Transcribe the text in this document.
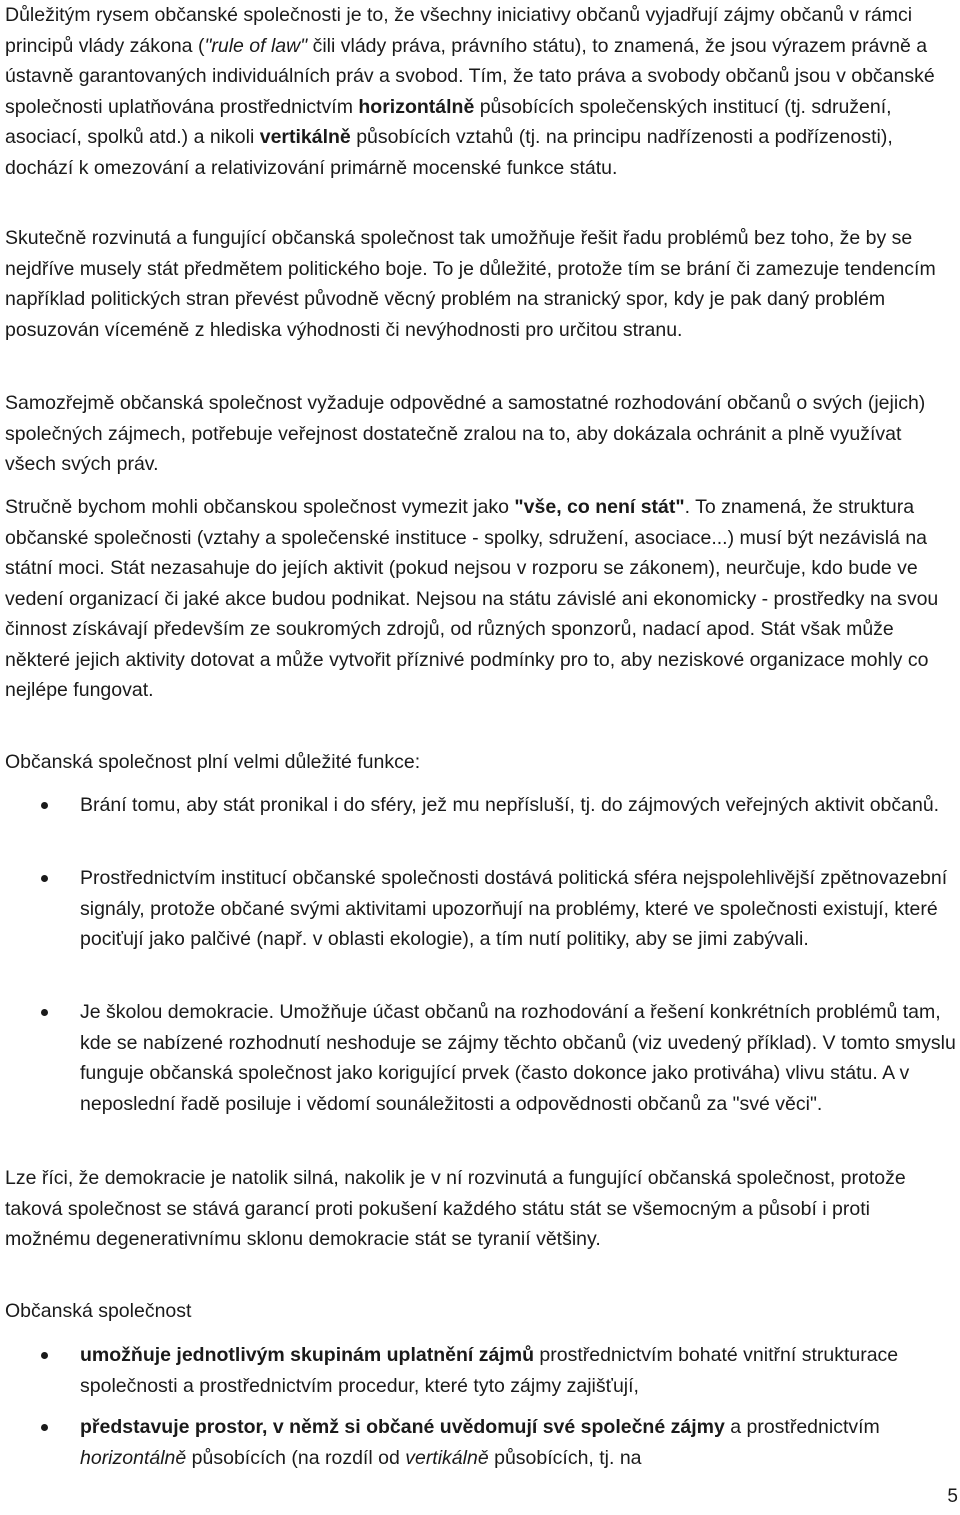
Důležitým rysem občanské společnosti je to, že všechny iniciativy občanů vyjadřují zájmy občanů v rámci principů vlády zákona ("rule of law" čili vlády práva, právního státu), to znamená, že jsou výrazem právně a ústavně garantovaných individuálních práv a svobod. Tím, že tato práva a svobody občanů jsou v občanské společnosti uplatňována prostřednictvím horizontálně působících společenských institucí (tj. sdružení, asociací, spolků atd.) a nikoli vertikálně působících vztahů (tj. na principu nadřízenosti a podřízenosti), dochází k omezování a relativizování primárně mocenské funkce státu.

Skutečně rozvinutá a fungující občanská společnost tak umožňuje řešit řadu problémů bez toho, že by se nejdříve musely stát předmětem politického boje. To je důležité, protože tím se brání či zamezuje tendencím například politických stran převést původně věcný problém na stranický spor, kdy je pak daný problém posuzován víceméně z hlediska výhodnosti či nevýhodnosti pro určitou stranu.

Samozřejmě občanská společnost vyžaduje odpovědné a samostatné rozhodování občanů o svých (jejich) společných zájmech, potřebuje veřejnost dostatečně zralou na to, aby dokázala ochránit a plně využívat všech svých práv.

Stručně bychom mohli občanskou společnost vymezit jako "vše, co není stát". To znamená, že struktura občanské společnosti (vztahy a společenské instituce - spolky, sdružení, asociace...) musí být nezávislá na státní moci. Stát nezasahuje do jejích aktivit (pokud nejsou v rozporu se zákonem), neurčuje, kdo bude ve vedení organizací či jaké akce budou podnikat. Nejsou na státu závislé ani ekonomicky - prostředky na svou činnost získávají především ze soukromých zdrojů, od různých sponzorů, nadací apod. Stát však může některé jejich aktivity dotovat a může vytvořit příznivé podmínky pro to, aby neziskové organizace mohly co nejlépe fungovat.

Občanská společnost plní velmi důležité funkce:

Brání tomu, aby stát pronikal i do sféry, jež mu nepřísluší, tj. do zájmových veřejných aktivit občanů.
Prostřednictvím institucí občanské společnosti dostává politická sféra nejspolehlivější zpětnovazební signály, protože občané svými aktivitami upozorňují na problémy, které ve společnosti existují, které pociťují jako palčivé (např. v oblasti ekologie), a tím nutí politiky, aby se jimi zabývali.
Je školou demokracie. Umožňuje účast občanů na rozhodování a řešení konkrétních problémů tam, kde se nabízené rozhodnutí neshoduje se zájmy těchto občanů (viz uvedený příklad). V tomto smyslu funguje občanská společnost jako korigující prvek (často dokonce jako protiváha) vlivu státu. A v neposlední řadě posiluje i vědomí sounáležitosti a odpovědnosti občanů za "své věci".

Lze říci, že demokracie je natolik silná, nakolik je v ní rozvinutá a fungující občanská společnost, protože taková společnost se stává garancí proti pokušení každého státu stát se všemocným a působí i proti možnému degenerativnímu sklonu demokracie stát se tyranií většiny.

Občanská společnost

umožňuje jednotlivým skupinám uplatnění zájmů prostřednictvím bohaté vnitřní strukturace společnosti a prostřednictvím procedur, které tyto zájmy zajišťují,
představuje prostor, v němž si občané uvědomují své společné zájmy a prostřednictvím horizontálně působících (na rozdíl od vertikálně působících, tj. na
5
